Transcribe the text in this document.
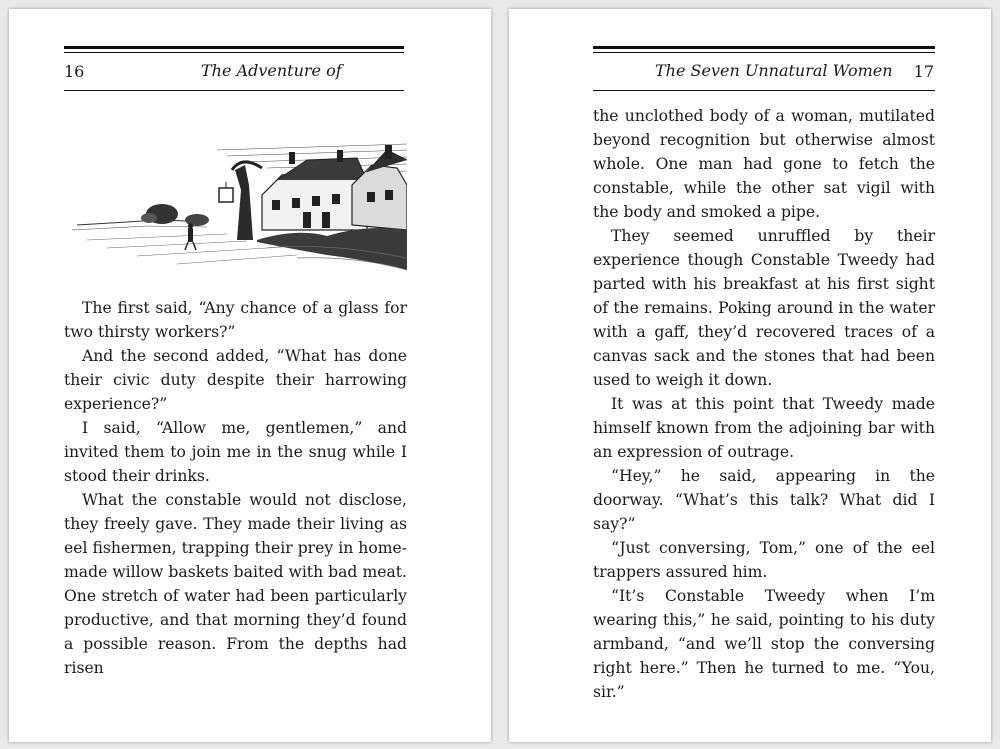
16	The Adventure of

The first said, “Any chance of a glass for two thirsty workers?”

And the second added, “What has done their civic duty despite their harrowing experience?”

I said, “Allow me, gentlemen,” and invited them to join me in the snug while I stood their drinks.

What the constable would not disclose, they freely gave. They made their living as eel fishermen, trapping their prey in home-made willow baskets baited with bad meat. One stretch of water had been particularly productive, and that morning they’d found a possible reason. From the depths had risen

The Seven Unnatural Women 17

the unclothed body of a woman, mutilated beyond recognition but otherwise almost whole. One man had gone to fetch the constable, while the other sat vigil with the body and smoked a pipe.

They seemed unruffled by their experience though Constable Tweedy had parted with his breakfast at his first sight of the remains. Poking around in the water with a gaff, they’d recovered traces of a canvas sack and the stones that had been used to weigh it down.

It was at this point that Tweedy made himself known from the adjoining bar with an expression of outrage.

“Hey,” he said, appearing in the doorway. “What’s this talk? What did I say?”

“Just conversing, Tom,” one of the eel trappers assured him.

“It’s Constable Tweedy when I’m wearing this,” he said, pointing to his duty armband, “and we’ll stop the conversing right here.” Then he turned to me. “You, sir.”
